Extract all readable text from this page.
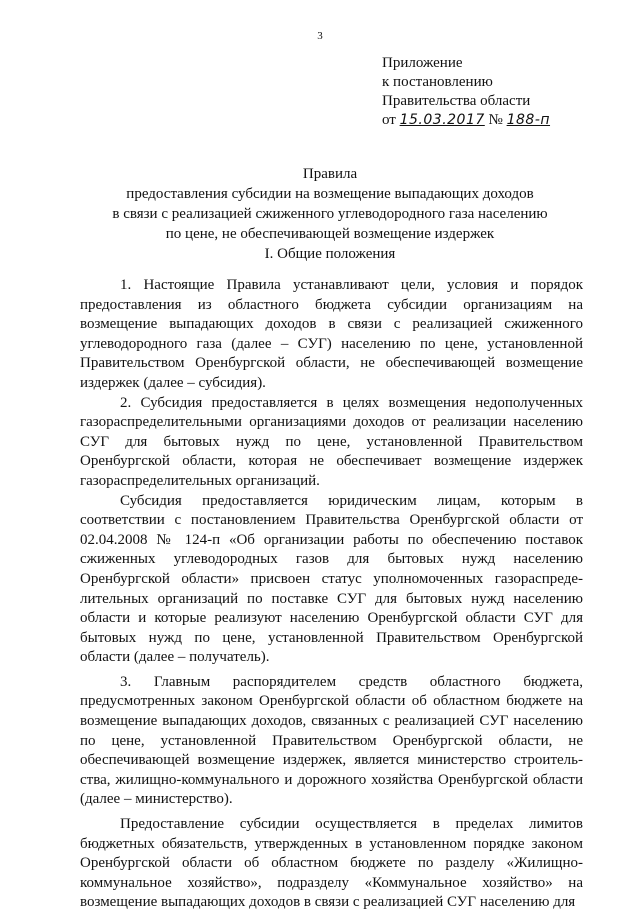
3
Приложение
к постановлению
Правительства области
от 15.03.2017 № 188-п
Правила
предоставления субсидии на возмещение выпадающих доходов
в связи с реализацией сжиженного углеводородного газа населению
по цене, не обеспечивающей возмещение издержек
I. Общие положения

1. Настоящие Правила устанавливают цели, условия и порядок предоставления из областного бюджета субсидии организациям на возмещение выпадающих доходов в связи с реализацией сжиженного углеводородного газа (далее – СУГ) населению по цене, установленной Правительством Оренбургской области, не обеспечивающей возмещение издержек (далее – субсидия).

2. Субсидия предоставляется в целях возмещения недополученных газораспределительными организациями доходов от реализации населению СУГ для бытовых нужд по цене, установленной Правительством Оренбургской области, которая не обеспечивает возмещение издержек газораспределительных организаций.

Субсидия предоставляется юридическим лицам, которым в соответствии с постановлением Правительства Оренбургской области от 02.04.2008 № 124-п «Об организации работы по обеспечению поставок сжиженных углеводородных газов для бытовых нужд населению Оренбургской области» присвоен статус уполномоченных газораспределительных организаций по поставке СУГ для бытовых нужд населению области и которые реализуют населению Оренбургской области СУГ для бытовых нужд по цене, установленной Правительством Оренбургской области (далее – получатель).

3. Главным распорядителем средств областного бюджета, предусмотренных законом Оренбургской области об областном бюджете на возмещение выпадающих доходов, связанных с реализацией СУГ населению по цене, установленной Правительством Оренбургской области, не обеспечивающей возмещение издержек, является министерство строительства, жилищно-коммунального и дорожного хозяйства Оренбургской области (далее – министерство).

Предоставление субсидии осуществляется в пределах лимитов бюджетных обязательств, утвержденных в установленном порядке законом Оренбургской области об областном бюджете по разделу «Жилищно-коммунальное хозяйство», подразделу «Коммунальное хозяйство» на возмещение выпадающих доходов в связи с реализацией СУГ населению для
